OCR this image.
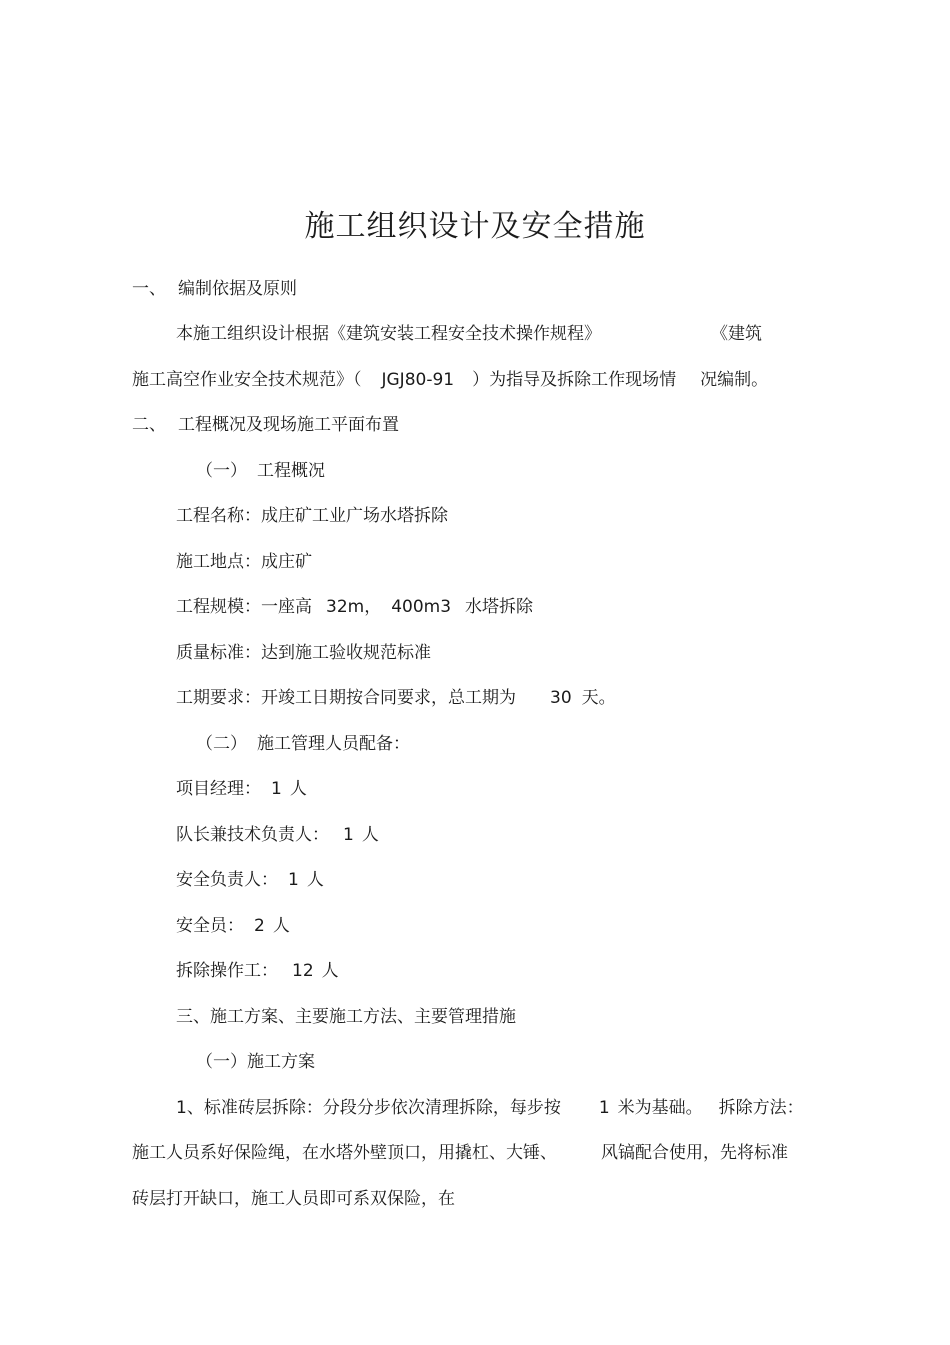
施工组织设计及安全措施
一、 编制依据及原则
本施工组织设计根据《建筑安装工程安全技术操作规程》	《建筑
施工高空作业安全技术规范》（ JGJ80-91 ）为指导及拆除工作现场情 况编制。
二、 工程概况及现场施工平面布置
（一） 工程概况
工程名称：成庄矿工业广场水塔拆除
施工地点：成庄矿
工程规模：一座高 32m， 400m3 水塔拆除
质量标准：达到施工验收规范标准
工期要求：开竣工日期按合同要求，总工期为 30 天。
（二） 施工管理人员配备：
项目经理： 1 人
队长兼技术负责人： 1 人
安全负责人： 1 人
安全员： 2 人
拆除操作工： 12 人
三、施工方案、主要施工方法、主要管理措施
（一）施工方案
1、标准砖层拆除：分段分步依次清理拆除，每步按 1 米为基础。 拆除方法：
施工人员系好保险绳，在水塔外壁顶口，用撬杠、大锤、	风镐配合使用，先将标准
砖层打开缺口，施工人员即可系双保险，在
